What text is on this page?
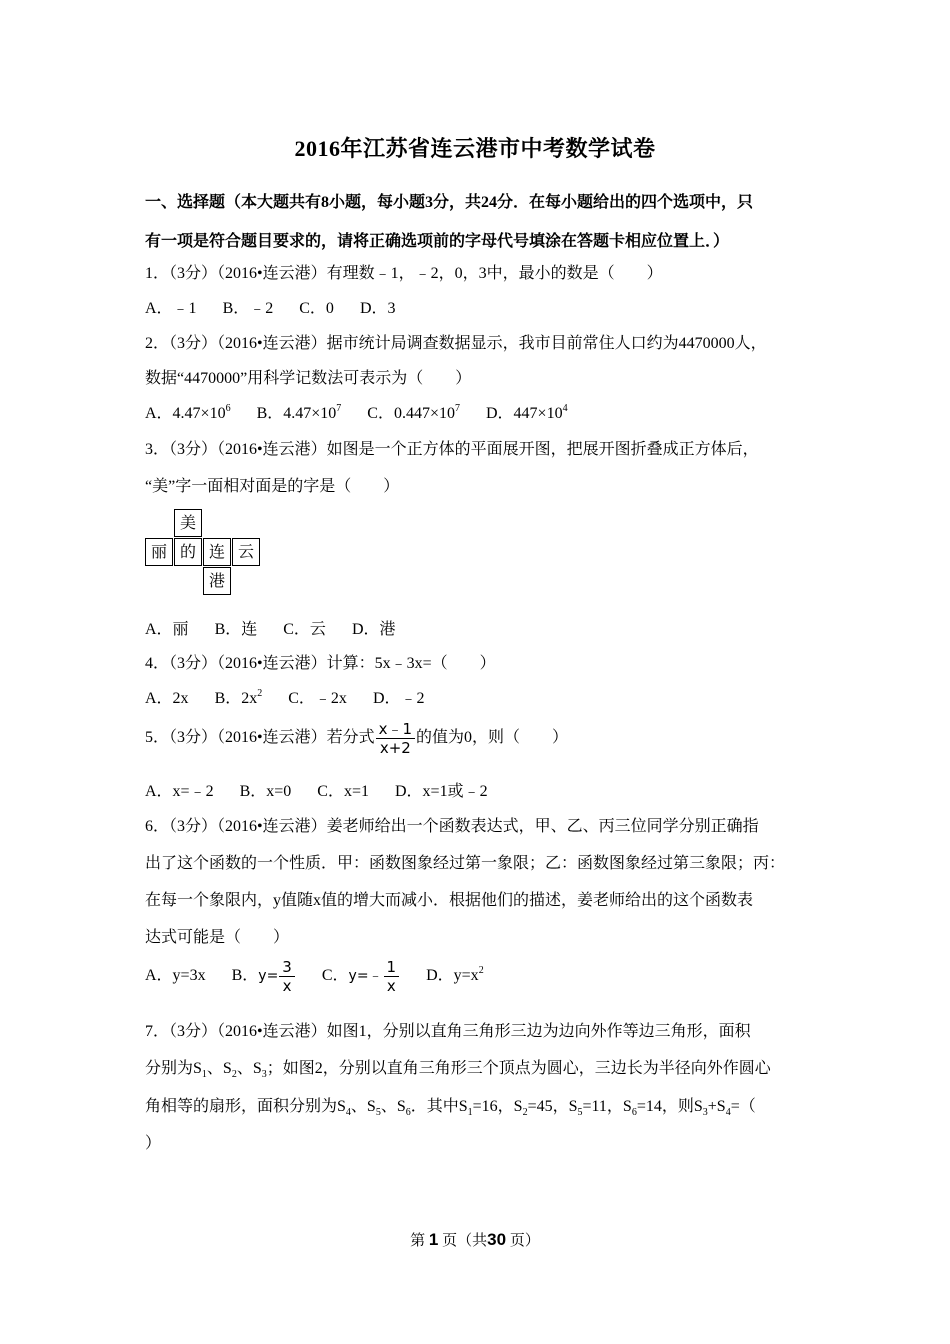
2016年江苏省连云港市中考数学试卷
一、选择题（本大题共有8小题，每小题3分，共24分．在每小题给出的四个选项中，只
有一项是符合题目要求的，请将正确选项前的字母代号填涂在答题卡相应位置上．）
1．（3分）（2016•连云港）有理数﹣1，﹣2，0，3中，最小的数是（　　）
A．﹣1 B．﹣2 C．0 D．3
2．（3分）（2016•连云港）据市统计局调查数据显示，我市目前常住人口约为4470000人，
数据“4470000”用科学记数法可表示为（　　）
A．$4.47\times 10^6$ B．$4.47\times 10^7$ C．$0.447\times 10^7$ D．$447\times 10^4$
3．（3分）（2016•连云港）如图是一个正方体的平面展开图，把展开图折叠成正方体后，
“美”字一面相对面是的字是（　　）
美
丽 的 连 云
港
A．丽 B．连 C．云 D．港
4．（3分）（2016•连云港）计算：5x﹣3x=（　　）
A．2x B．$2x^2$ C．﹣2x D．﹣2
5．（3分）（2016•连云港）若分式 $\frac{x﹣1}{x+2}$ 的值为0，则（　　）
A．x=﹣2 B．x=0 C．x=1 D．x=1或﹣2
6．（3分）（2016•连云港）姜老师给出一个函数表达式，甲、乙、丙三位同学分别正确指
出了这个函数的一个性质．甲：函数图象经过第一象限；乙：函数图象经过第三象限；丙：
在每一个象限内，y值随x值的增大而减小．根据他们的描述，姜老师给出的这个函数表
达式可能是（　　）
A．y=3x B．$y= \frac{3}{x}$ C．y=﹣ $\frac{1}{x}$ D．$y=x^2$
7．（3分）（2016•连云港）如图1，分别以直角三角形三边为边向外作等边三角形，面积
分别为$S_1$、$S_2$、$S_3$；如图2，分别以直角三角形三个顶点为圆心，三边长为半径向外作圆心
角相等的扇形，面积分别为$S_4$、$S_5$、$S_6$．其中$S_1=16$，$S_2=45$，$S_5=11$，$S_6=14$，则$S_3+S_4=$（
）
第 1 页（共30 页）
